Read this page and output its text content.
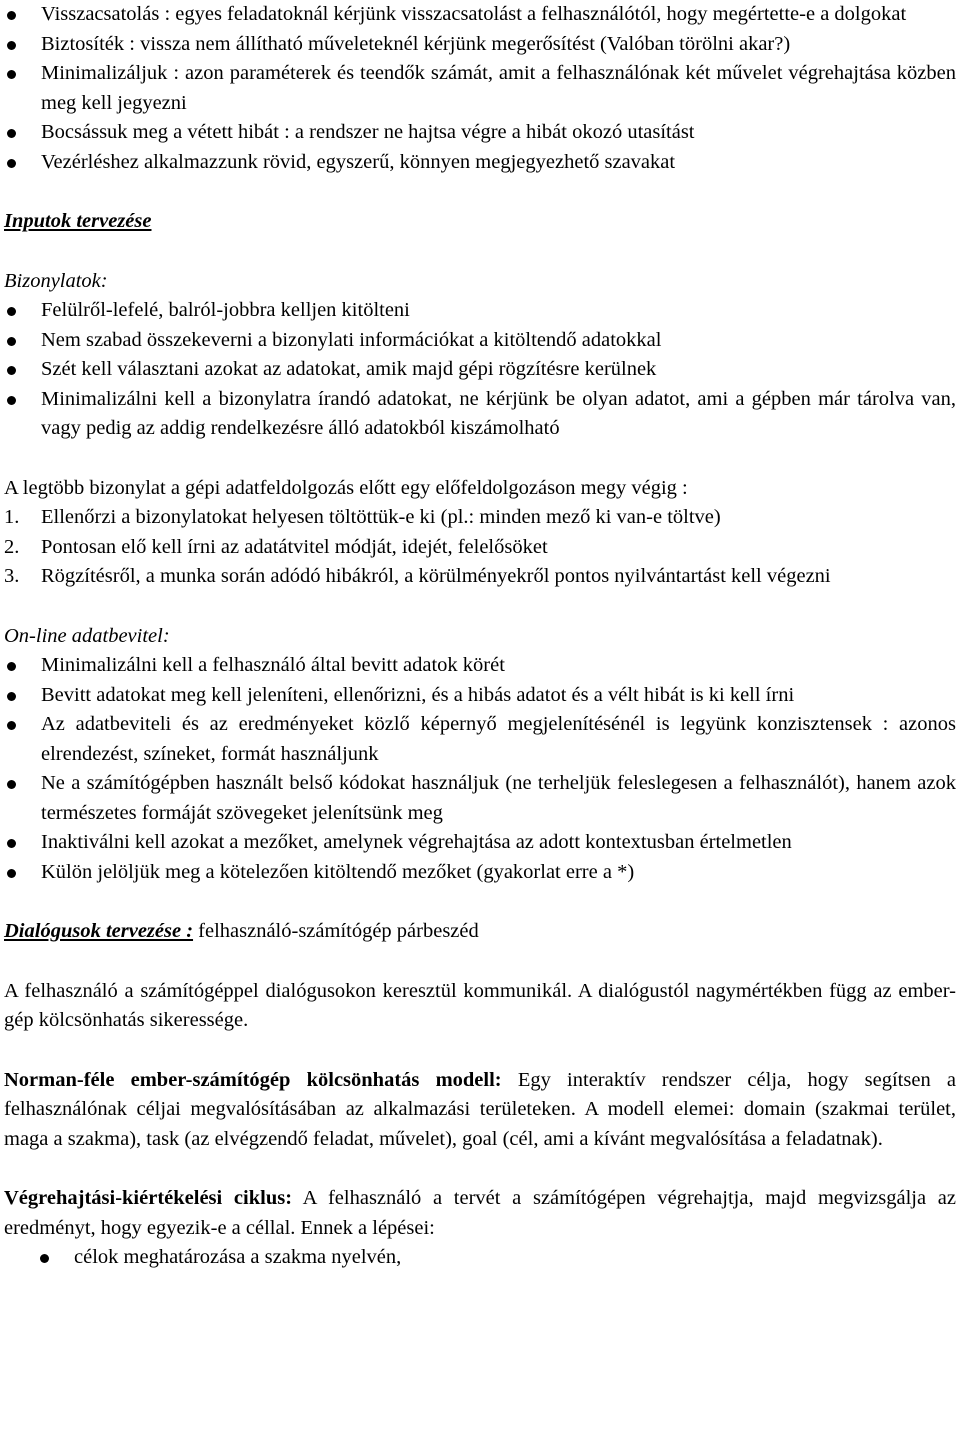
Visszacsatolás : egyes feladatoknál kérjünk visszacsatolást a felhasználótól, hogy megértette-e a dolgokat
Biztosíték : vissza nem állítható műveleteknél kérjünk megerősítést (Valóban törölni akar?)
Minimalizáljuk : azon paraméterek és teendők számát, amit a felhasználónak két művelet végrehajtása közben meg kell jegyezni
Bocsássuk meg a vétett hibát : a rendszer ne hajtsa végre a hibát okozó utasítást
Vezérléshez alkalmazzunk rövid, egyszerű, könnyen megjegyezhető szavakat

Inputok tervezése

Bizonylatok:

Felülről-lefelé, balról-jobbra kelljen kitölteni
Nem szabad összekeverni a bizonylati információkat a kitöltendő adatokkal
Szét kell választani azokat az adatokat, amik majd gépi rögzítésre kerülnek
Minimalizálni kell a bizonylatra írandó adatokat, ne kérjünk be olyan adatot, ami a gépben már tárolva van, vagy pedig az addig rendelkezésre álló adatokból kiszámolható

A legtöbb bizonylat a gépi adatfeldolgozás előtt egy előfeldolgozáson megy végig :

1. Ellenőrzi a bizonylatokat helyesen töltöttük-e ki (pl.: minden mező ki van-e töltve)
2. Pontosan elő kell írni az adatátvitel módját, idejét, felelősöket
3. Rögzítésről, a munka során adódó hibákról, a körülményekről pontos nyilvántartást kell végezni

On-line adatbevitel:

Minimalizálni kell a felhasználó által bevitt adatok körét
Bevitt adatokat meg kell jeleníteni, ellenőrizni, és a hibás adatot és a vélt hibát is ki kell írni
Az adatbeviteli és az eredményeket közlő képernyő megjelenítésénél is legyünk konzisztensek : azonos elrendezést, színeket, formát használjunk
Ne a számítógépben használt belső kódokat használjuk (ne terheljük feleslegesen a felhasználót), hanem azok természetes formáját szövegeket jelenítsünk meg
Inaktiválni kell azokat a mezőket, amelynek végrehajtása az adott kontextusban értelmetlen
Külön jelöljük meg a kötelezően kitöltendő mezőket (gyakorlat erre a *)

Dialógusok tervezése : felhasználó-számítógép párbeszéd

A felhasználó a számítógéppel dialógusokon keresztül kommunikál. A dialógustól nagymértékben függ az ember-gép kölcsönhatás sikeressége.

Norman-féle ember-számítógép kölcsönhatás modell: Egy interaktív rendszer célja, hogy segítsen a felhasználónak céljai megvalósításában az alkalmazási területeken. A modell elemei: domain (szakmai terület, maga a szakma), task (az elvégzendő feladat, művelet), goal (cél, ami a kívánt megvalósítása a feladatnak).

Végrehajtási-kiértékelési ciklus: A felhasználó a tervét a számítógépen végrehajtja, majd megvizsgálja az eredményt, hogy egyezik-e a céllal. Ennek a lépései:

célok meghatározása a szakma nyelvén,
